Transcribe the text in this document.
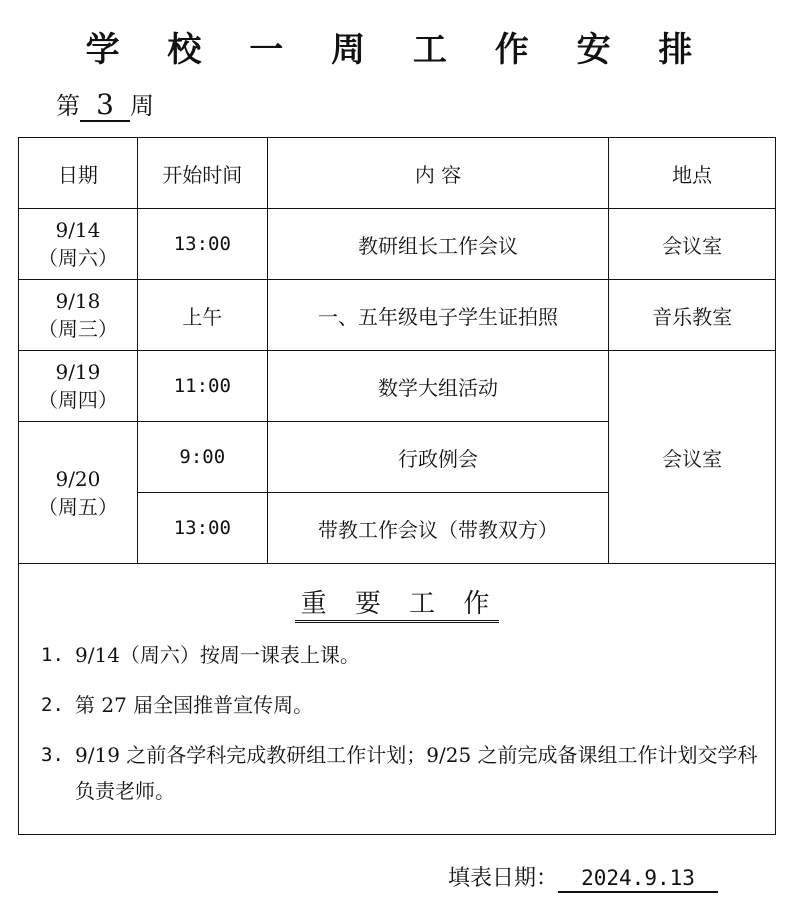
学 校 一 周 工 作 安 排
第 3 周
日期	开始时间	内 容	地点

9/14
（周六）	13:00	教研组长工作会议	会议室

9/18
（周三）	上午	一、五年级电子学生证拍照	音乐教室

9/19
（周四）	11:00	数学大组活动	会议室

9/20
（周五）	9:00	行政例会	
	13:00	带教工作会议（带教双方）	
重 要 工 作
1. 9/14（周六）按周一课表上课。
2. 第 27 届全国推普宣传周。
3. 9/19 之前各学科完成教研组工作计划；9/25 之前完成备课组工作计划交学科负责老师。
填表日期： 2024.9.13
